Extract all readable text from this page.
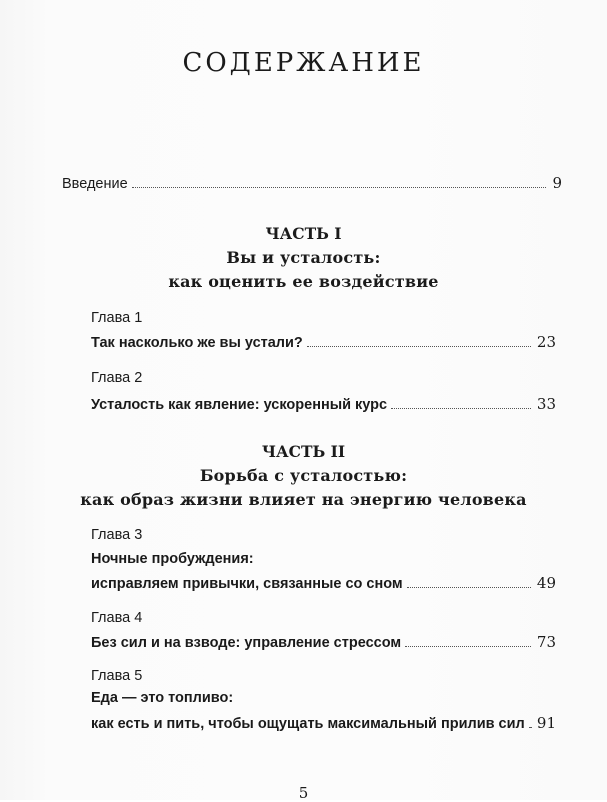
СОДЕРЖАНИЕ
Введение	9
ЧАСТЬ I
Вы и усталость:
как оценить ее воздействие
Глава 1
Так насколько же вы устали?	23
Глава 2
Усталость как явление: ускоренный курс	33
ЧАСТЬ II
Борьба с усталостью:
как образ жизни влияет на энергию человека
Глава 3
Ночные пробуждения:
исправляем привычки, связанные со сном	49
Глава 4
Без сил и на взводе: управление стрессом	73
Глава 5
Еда — это топливо:
как есть и пить, чтобы ощущать максимальный прилив сил 91
5
